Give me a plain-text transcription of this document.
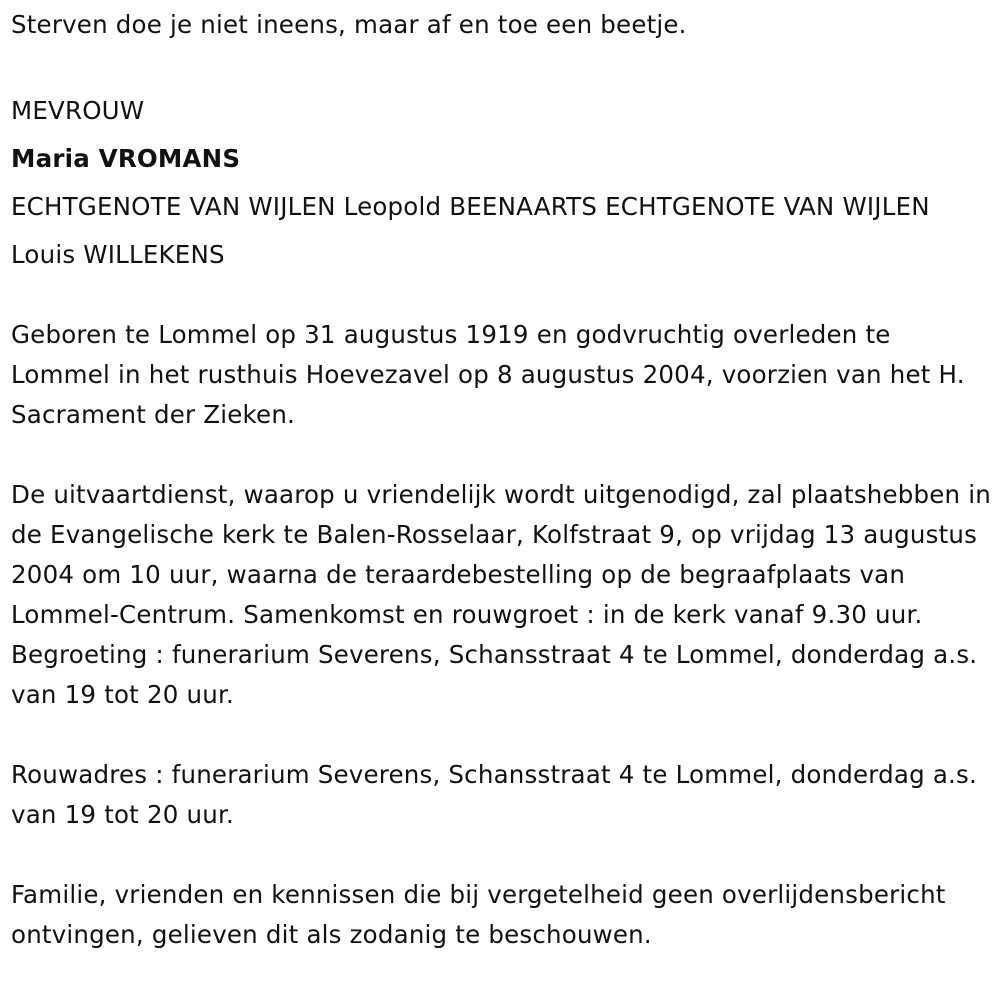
Sterven doe je niet ineens, maar af en toe een beetje.

MEVROUW

Maria VROMANS

ECHTGENOTE VAN WIJLEN Leopold BEENAARTS ECHTGENOTE VAN WIJLEN

Louis WILLEKENS

Geboren te Lommel op 31 augustus 1919 en godvruchtig overleden te Lommel in het rusthuis Hoevezavel op 8 augustus 2004, voorzien van het H. Sacrament der Zieken.

De uitvaartdienst, waarop u vriendelijk wordt uitgenodigd, zal plaatshebben in de Evangelische kerk te Balen-Rosselaar, Kolfstraat 9, op vrijdag 13 augustus 2004 om 10 uur, waarna de teraardebestelling op de begraafplaats van Lommel-Centrum. Samenkomst en rouwgroet : in de kerk vanaf 9.30 uur. Begroeting : funerarium Severens, Schansstraat 4 te Lommel, donderdag a.s. van 19 tot 20 uur.

Rouwadres : funerarium Severens, Schansstraat 4 te Lommel, donderdag a.s. van 19 tot 20 uur.

Familie, vrienden en kennissen die bij vergetelheid geen overlijdensbericht ontvingen, gelieven dit als zodanig te beschouwen.
